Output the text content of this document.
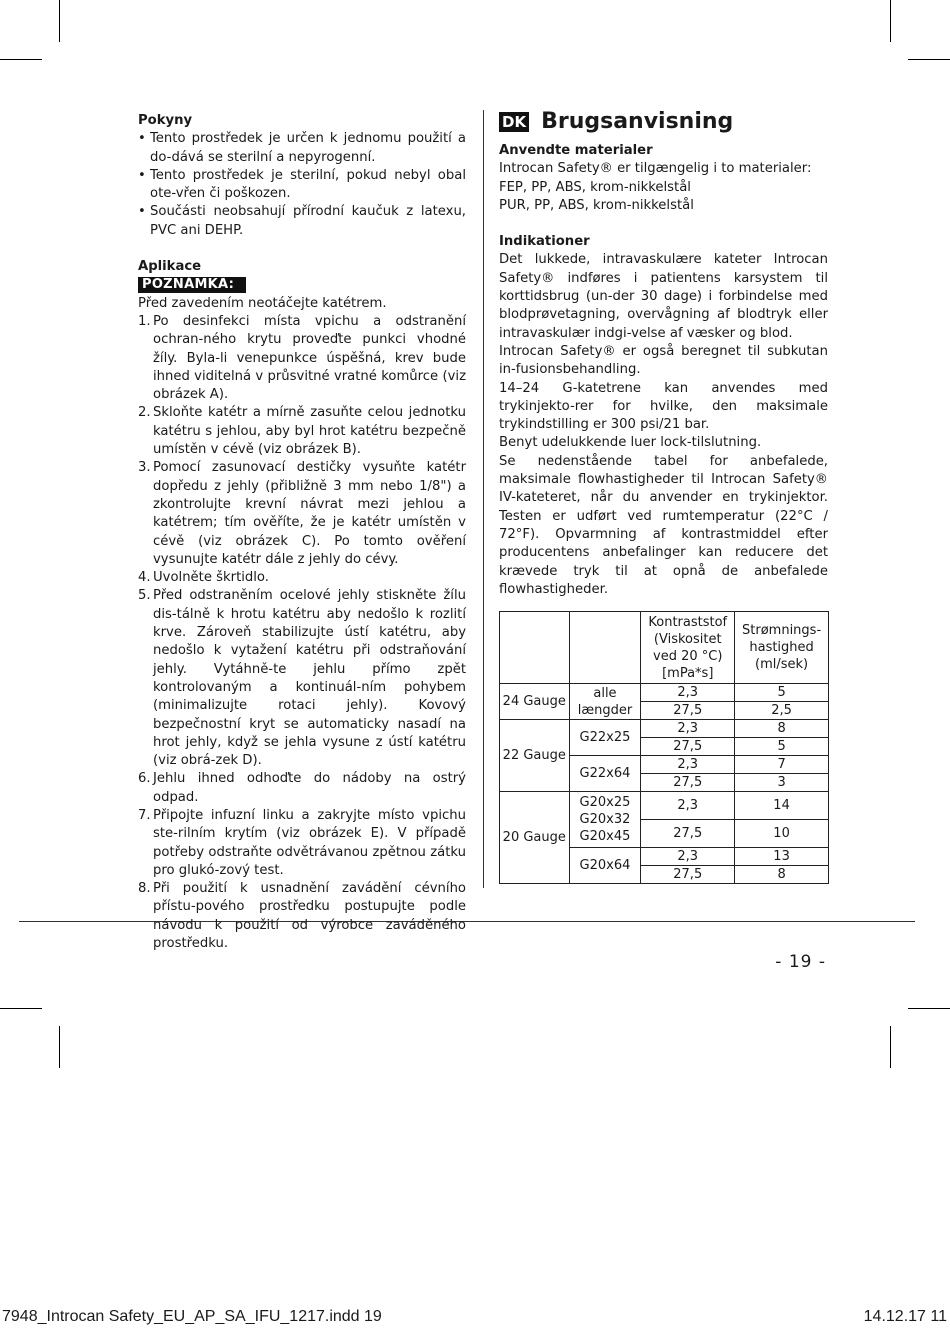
Pokyny
• Tento prostředek je určen k jednomu použití a do-dává se sterilní a nepyrogenní.
• Tento prostředek je sterilní, pokud nebyl obal ote-vřen či poškozen.
• Součásti neobsahují přírodní kaučuk z latexu, PVC ani DEHP.
Aplikace
POZNÁMKA:
Před zavedením neotáčejte katétrem.
1. Po desinfekci místa vpichu a odstranění ochran-ného krytu proveďte punkci vhodné žíly. Byla-li venepunkce úspěšná, krev bude ihned viditelná v průsvitné vratné komůrce (viz obrázek A).
2. Skloňte katétr a mírně zasuňte celou jednotku katétru s jehlou, aby byl hrot katétru bezpečně umístěn v cévě (viz obrázek B).
3. Pomocí zasunovací destičky vysuňte katétr dopředu z jehly (přibližně 3 mm nebo 1/8") a zkontrolujte krevní návrat mezi jehlou a katétrem; tím ověříte, že je katétr umístěn v cévě (viz obrázek C). Po tomto ověření vysunujte katétr dále z jehly do cévy.
4. Uvolněte škrtidlo.
5. Před odstraněním ocelové jehly stiskněte žílu dis-tálně k hrotu katétru aby nedošlo k rozlití krve. Zároveň stabilizujte ústí katétru, aby nedošlo k vytažení katétru při odstraňování jehly. Vytáhně-te jehlu přímo zpět kontrolovaným a kontinuál-ním pohybem (minimalizujte rotaci jehly). Kovový bezpečnostní kryt se automaticky nasadí na hrot jehly, když se jehla vysune z ústí katétru (viz obrá-zek D).
6. Jehlu ihned odhoďte do nádoby na ostrý odpad.
7. Připojte infuzní linku a zakryjte místo vpichu ste-rilním krytím (viz obrázek E). V případě potřeby odstraňte odvětrávanou zpětnou zátku pro glukó-zový test.
8. Při použití k usnadnění zavádění cévního přístu-pového prostředku postupujte podle návodu k použití od výrobce zaváděného prostředku.
DK Brugsanvisning
Anvendte materialer
Introcan Safety® er tilgængelig i to materialer:
FEP, PP, ABS, krom-nikkelstål
PUR, PP, ABS, krom-nikkelstål
Indikationer
Det lukkede, intravaskulære kateter Introcan Safety® indføres i patientens karsystem til korttidsbrug (un-der 30 dage) i forbindelse med blodprøvetagning, overvågning af blodtryk eller intravaskulær indgi-velse af væsker og blod.
Introcan Safety® er også beregnet til subkutan in-fusionsbehandling.
14–24 G-katetrene kan anvendes med trykinjekto-rer for hvilke, den maksimale trykindstilling er 300 psi/21 bar.
Benyt udelukkende luer lock-tilslutning.
Se nedenstående tabel for anbefalede, maksimale flowhastigheder til Introcan Safety® IV-kateteret, når du anvender en trykinjektor. Testen er udført ved rumtemperatur (22°C / 72°F). Opvarmning af kontrastmiddel efter producentens anbefalinger kan reducere det krævede tryk til at opnå de anbefalede flowhastigheder.
		Kontraststof (Viskositet ved 20 °C) [mPa*s]	Strømnings-hastighed (ml/sek)
24 Gauge	alle længder	2,3	5
		27,5	2,5
22 Gauge	G22x25	2,3	8
		27,5	5
	G22x64	2,3	7
		27,5	3
20 Gauge	G20x25 G20x32 G20x45	2,3	14
		27,5	10
	G20x64	2,3	13
		27,5	8
- 19 -
7948_Introcan Safety_EU_AP_SA_IFU_1217.indd 19	14.12.17 11
